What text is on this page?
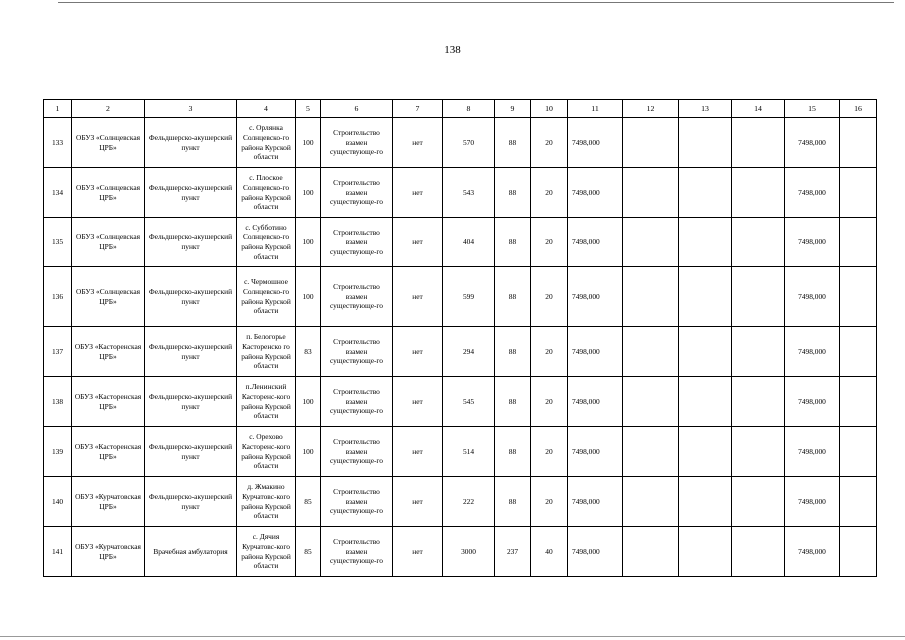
138
1	2	3	4	5	6	7	8	9	10	11	12	13	14	15	16
133	ОБУЗ «Солнцевская ЦРБ»	Фельдшерско-акушерский пункт	с. Орлянка Солнцевско-го района Курской области	100	Строительство взамен существующе-го	нет	570	88	20	7498,000				7498,000	
134	ОБУЗ «Солнцевская ЦРБ»	Фельдшерско-акушерский пункт	с. Плоское Солнцевско-го района Курской области	100	Строительство взамен существующе-го	нет	543	88	20	7498,000				7498,000	
135	ОБУЗ «Солнцевская ЦРБ»	Фельдшерско-акушерский пункт	с. Субботино Солнцевско-го района Курской области	100	Строительство взамен существующе-го	нет	404	88	20	7498,000				7498,000	
136	ОБУЗ «Солнцевская ЦРБ»	Фельдшерско-акушерский пункт	с. Чермошное Солнцевско-го района Курской области	100	Строительство взамен существующе-го	нет	599	88	20	7498,000				7498,000	
137	ОБУЗ «Касторенская ЦРБ»	Фельдшерско-акушерский пункт	п. Белогорье Касторенско го района Курской области	83	Строительство взамен существующе-го	нет	294	88	20	7498,000				7498,000	
138	ОБУЗ «Касторенская ЦРБ»	Фельдшерско-акушерский пункт	п.Ленинский Касторенс-кого района Курской области	100	Строительство взамен существующе-го	нет	545	88	20	7498,000				7498,000	
139	ОБУЗ «Касторенская ЦРБ»	Фельдшерско-акушерский пункт	с. Орехово Касторенс-кого района Курской области	100	Строительство взамен существующе-го	нет	514	88	20	7498,000				7498,000	
140	ОБУЗ «Курчатовская ЦРБ»	Фельдшерско-акушерский пункт	д. Жмакино Курчатовс-кого района Курской области	85	Строительство взамен существующе-го	нет	222	88	20	7498,000				7498,000	
141	ОБУЗ «Курчатовская ЦРБ»	Врачебная амбулатория	с. Дячия Курчатовс-кого района Курской области	85	Строительство взамен существующе-го	нет	3000	237	40	7498,000				7498,000	
